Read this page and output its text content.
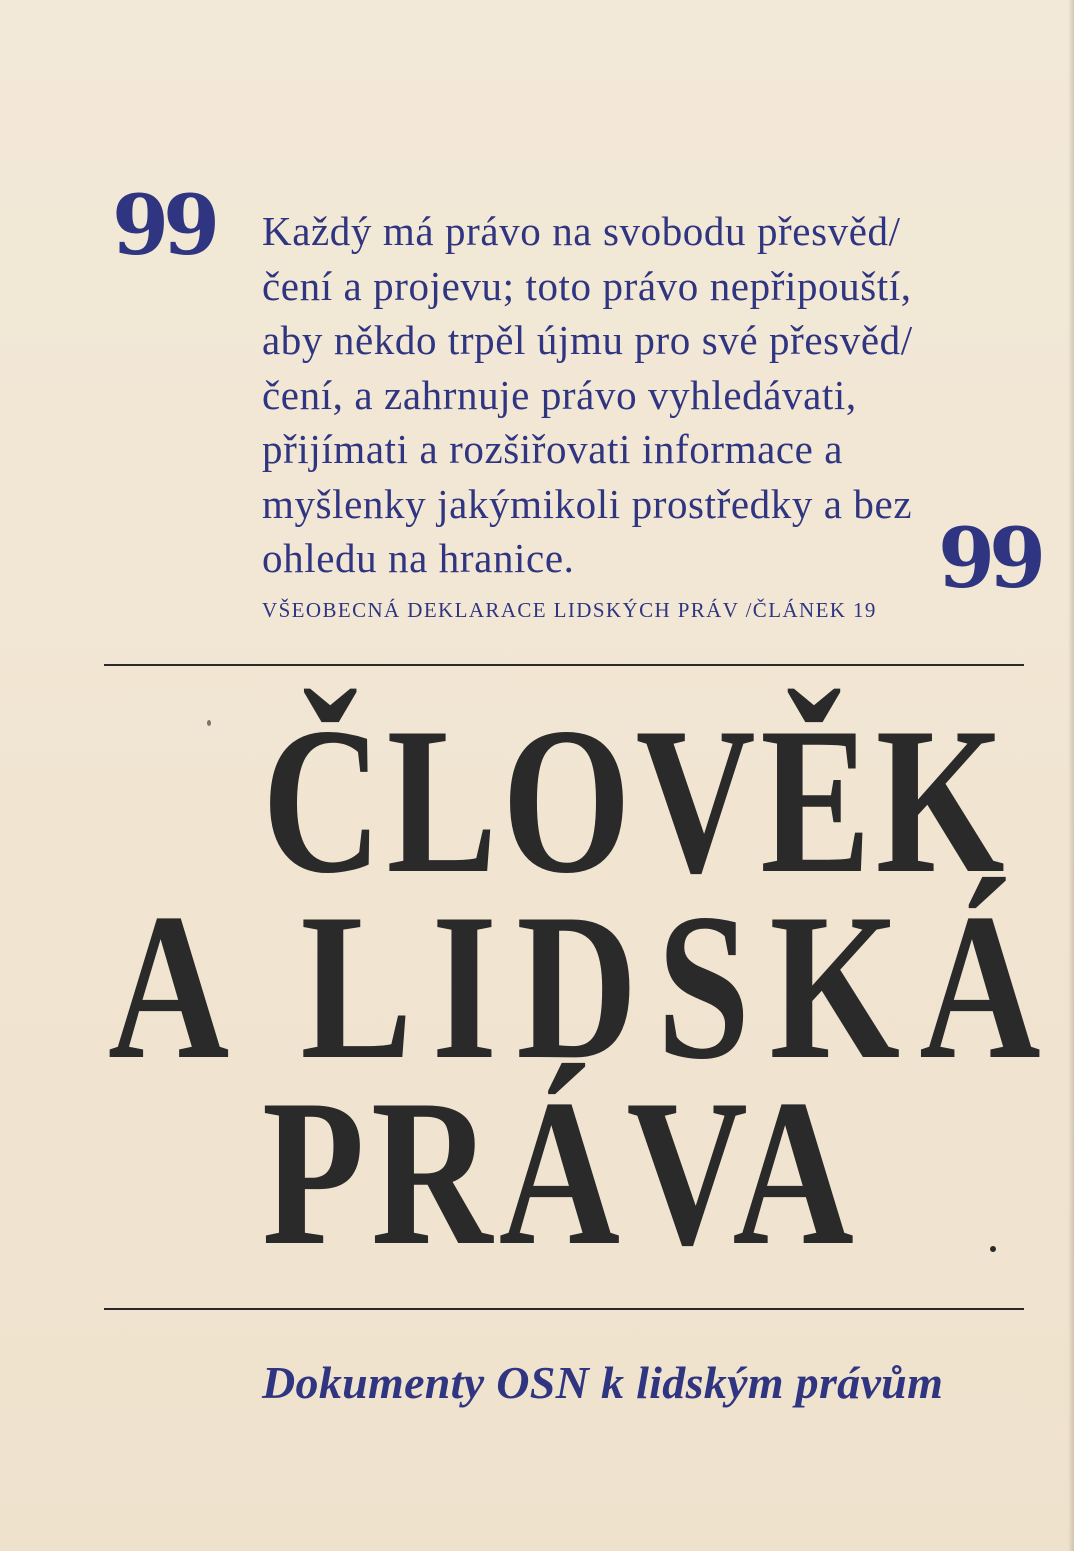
99 Každý má právo na svobodu přesvěd/
čení a projevu; toto právo nepřipouští,
aby někdo trpěl újmu pro své přesvěd/
čení, a zahrnuje právo vyhledávati,
přijímati a rozšiřovati informace a
myšlenky jakýmikoli prostředky a bez
ohledu na hranice.	99
VŠEOBECNÁ DEKLARACE LIDSKÝCH PRÁV /ČLÁNEK 19
ČLOVĚK
A LIDSKÁ
PRÁVA

Dokumenty OSN k lidským právům
